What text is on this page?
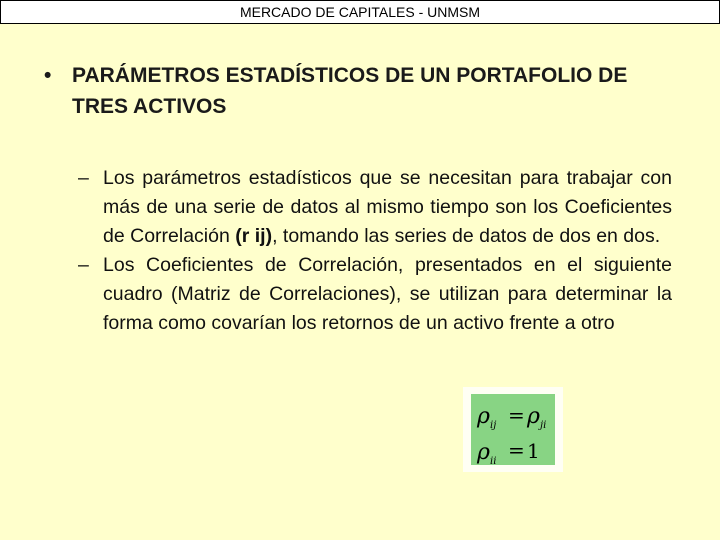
MERCADO DE CAPITALES - UNMSM
• PARÁMETROS ESTADÍSTICOS DE UN PORTAFOLIO DE TRES ACTIVOS
– Los parámetros estadísticos que se necesitan para trabajar con más de una serie de datos al mismo tiempo son los Coeficientes de Correlación (r ij), tomando las series de datos de dos en dos.
– Los Coeficientes de Correlación, presentados en el siguiente cuadro (Matriz de Correlaciones), se utilizan para determinar la forma como covarían los retornos de un activo frente a otro
ρ ij = ρ ji
ρ ii = 1
